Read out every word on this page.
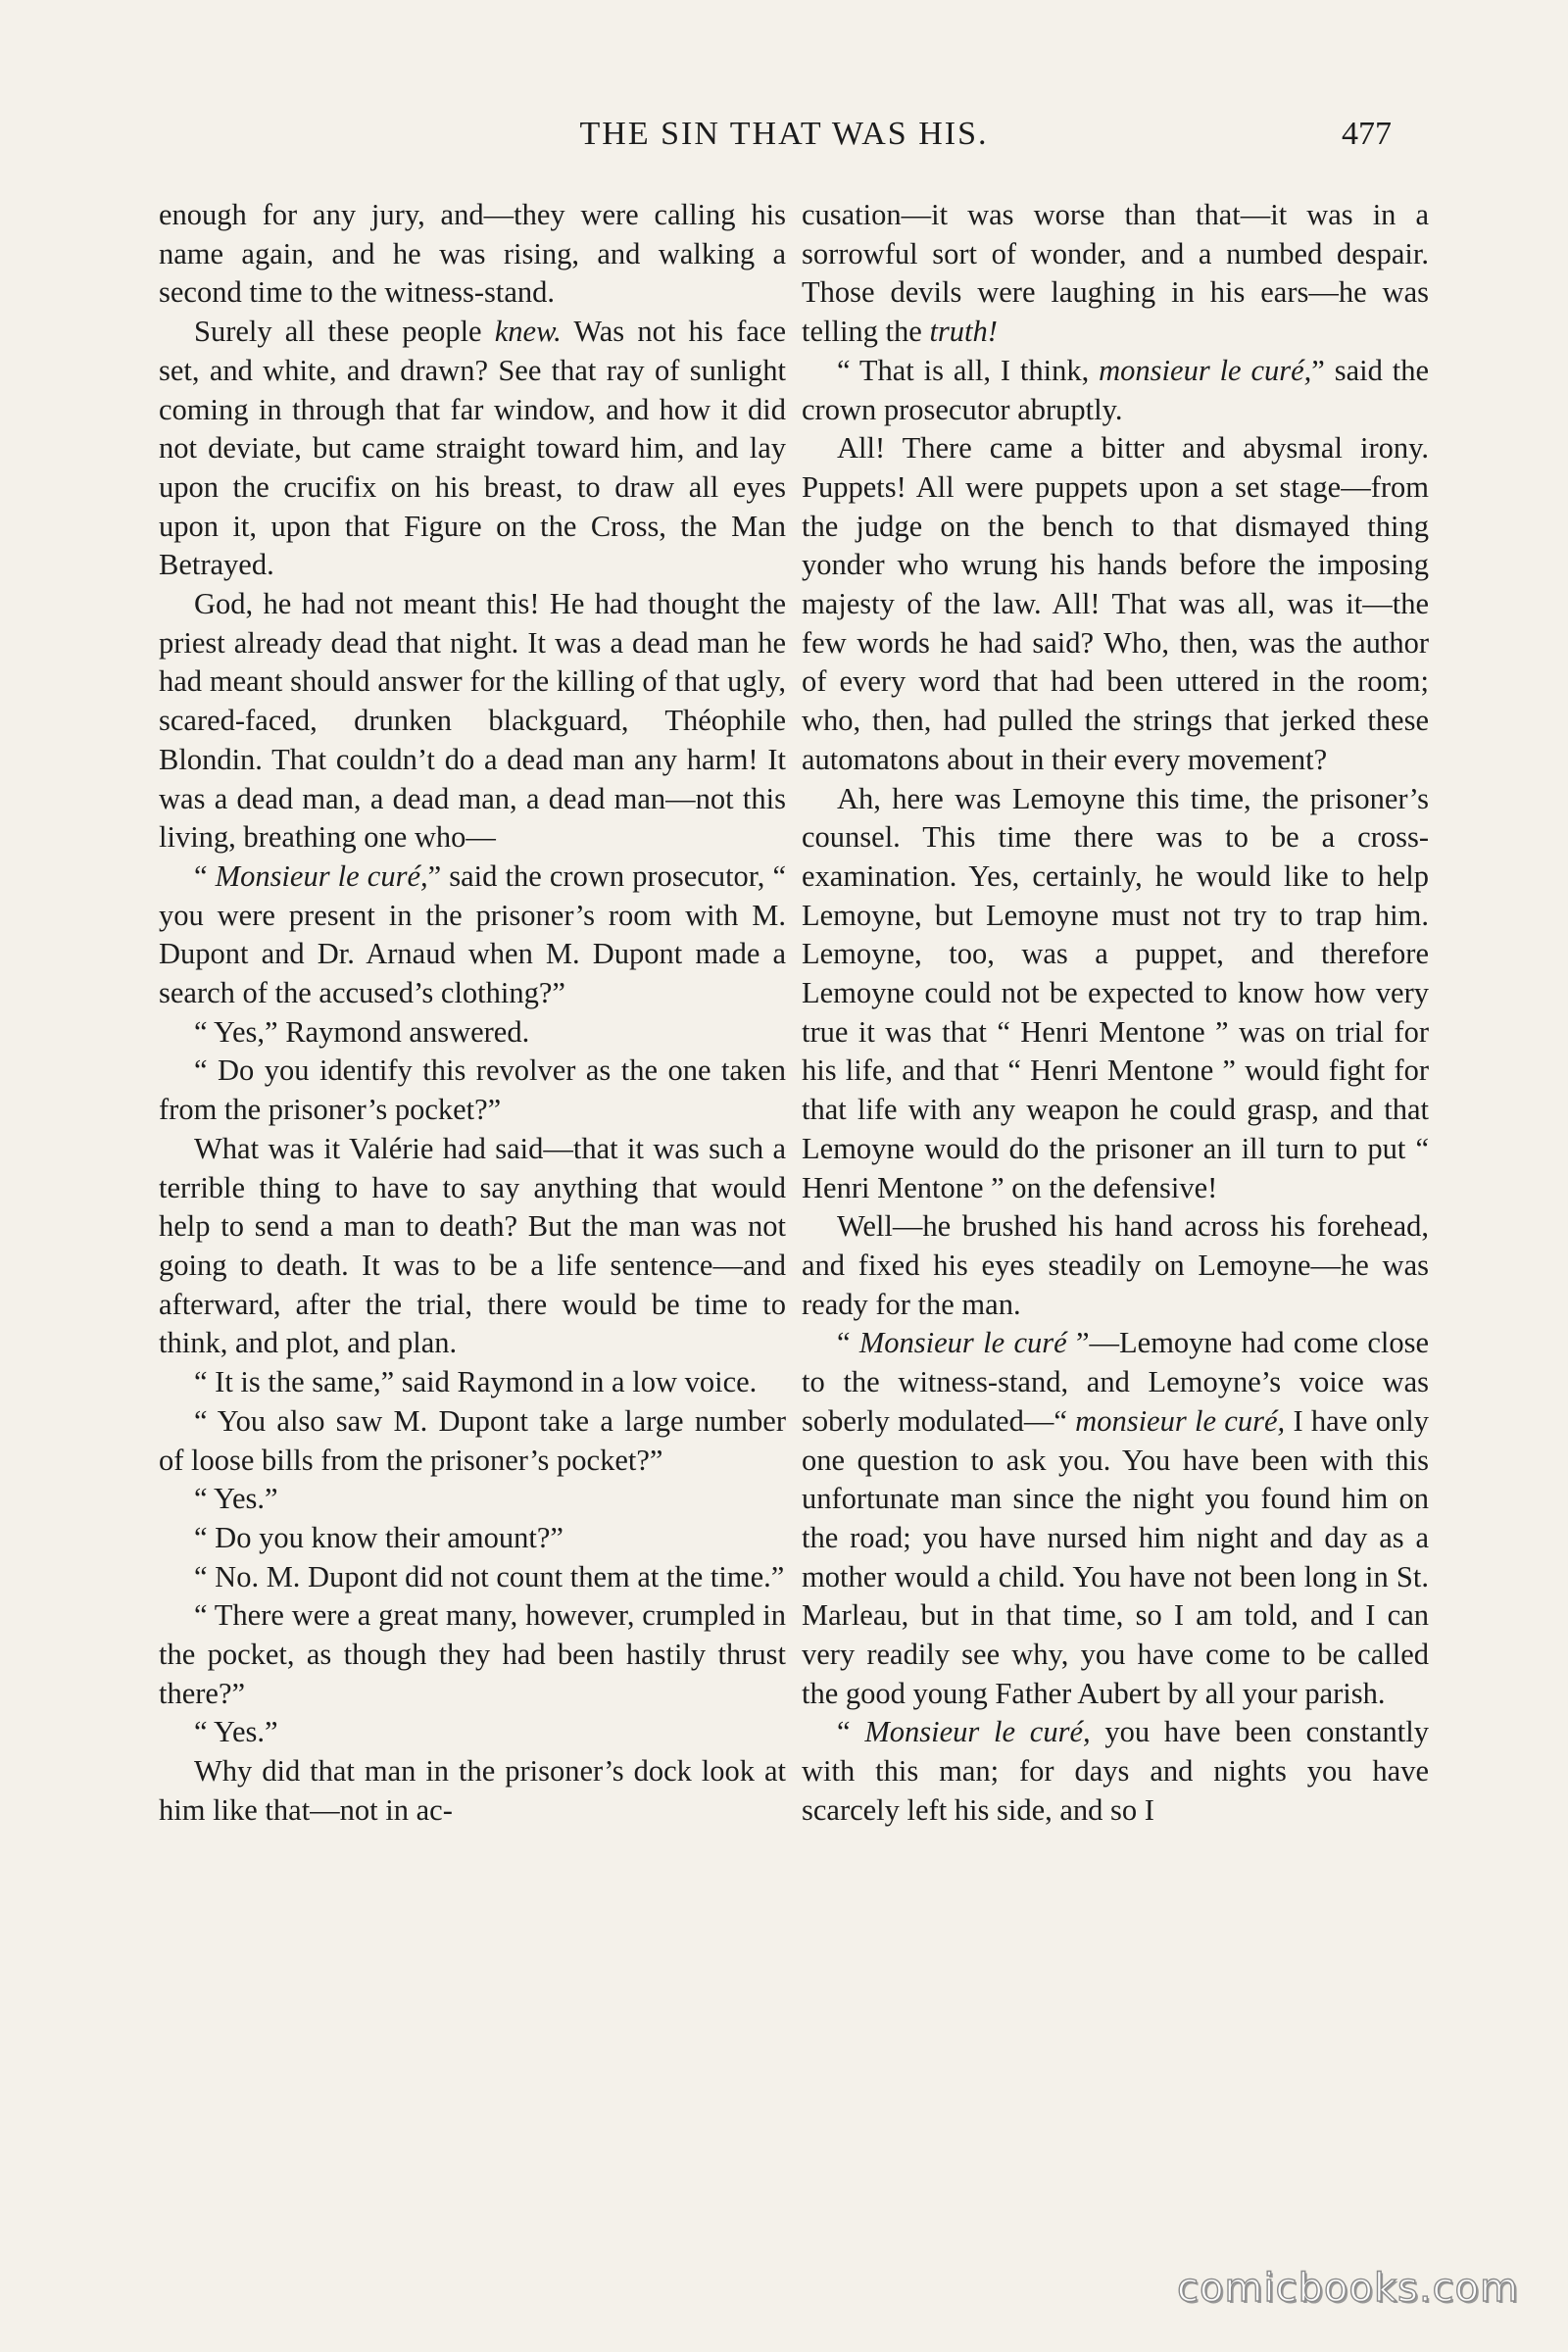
THE SIN THAT WAS HIS.	477

enough for any jury, and—they were calling his name again, and he was rising, and walking a second time to the witness-stand.

Surely all these people knew. Was not his face set, and white, and drawn? See that ray of sunlight coming in through that far window, and how it did not deviate, but came straight toward him, and lay upon the crucifix on his breast, to draw all eyes upon it, upon that Figure on the Cross, the Man Betrayed.

God, he had not meant this! He had thought the priest already dead that night. It was a dead man he had meant should answer for the killing of that ugly, scared-faced, drunken blackguard, Théophile Blondin. That couldn’t do a dead man any harm! It was a dead man, a dead man, a dead man—not this living, breathing one who—

“ Monsieur le curé,” said the crown prosecutor, “ you were present in the prisoner’s room with M. Dupont and Dr. Arnaud when M. Dupont made a search of the accused’s clothing?”

“ Yes,” Raymond answered.

“ Do you identify this revolver as the one taken from the prisoner’s pocket?”

What was it Valérie had said—that it was such a terrible thing to have to say anything that would help to send a man to death? But the man was not going to death. It was to be a life sentence—and afterward, after the trial, there would be time to think, and plot, and plan.

“ It is the same,” said Raymond in a low voice.

“ You also saw M. Dupont take a large number of loose bills from the prisoner’s pocket?”

“ Yes.”

“ Do you know their amount?”

“ No. M. Dupont did not count them at the time.”

“ There were a great many, however, crumpled in the pocket, as though they had been hastily thrust there?”

“ Yes.”

Why did that man in the prisoner’s dock look at him like that—not in ac-

cusation—it was worse than that—it was in a sorrowful sort of wonder, and a numbed despair. Those devils were laughing in his ears—he was telling the truth!

“ That is all, I think, monsieur le curé,” said the crown prosecutor abruptly.

All! There came a bitter and abysmal irony. Puppets! All were puppets upon a set stage—from the judge on the bench to that dismayed thing yonder who wrung his hands before the imposing majesty of the law. All! That was all, was it—the few words he had said? Who, then, was the author of every word that had been uttered in the room; who, then, had pulled the strings that jerked these automatons about in their every movement?

Ah, here was Lemoyne this time, the prisoner’s counsel. This time there was to be a cross-examination. Yes, certainly, he would like to help Lemoyne, but Lemoyne must not try to trap him. Lemoyne, too, was a puppet, and therefore Lemoyne could not be expected to know how very true it was that “ Henri Mentone ” was on trial for his life, and that “ Henri Mentone ” would fight for that life with any weapon he could grasp, and that Lemoyne would do the prisoner an ill turn to put “ Henri Mentone ” on the defensive!

Well—he brushed his hand across his forehead, and fixed his eyes steadily on Lemoyne—he was ready for the man.

“ Monsieur le curé ”—Lemoyne had come close to the witness-stand, and Lemoyne’s voice was soberly modulated—“ monsieur le curé, I have only one question to ask you. You have been with this unfortunate man since the night you found him on the road; you have nursed him night and day as a mother would a child. You have not been long in St. Marleau, but in that time, so I am told, and I can very readily see why, you have come to be called the good young Father Aubert by all your parish.

“ Monsieur le curé, you have been constantly with this man; for days and nights you have scarcely left his side, and so I

comicbooks.com
